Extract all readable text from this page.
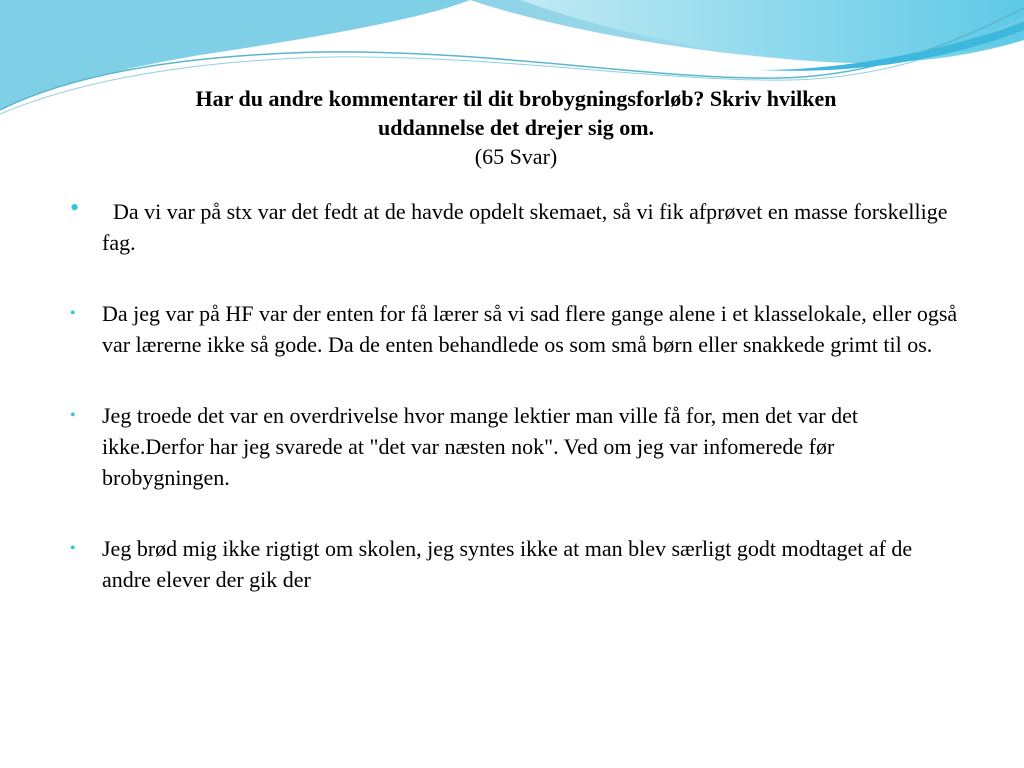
Har du andre kommentarer til dit brobygningsforløb? Skriv hvilken
uddannelse det drejer sig om.
(65 Svar)
• Da vi var på stx var det fedt at de havde opdelt skemaet, så vi fik afprøvet en masse forskellige fag.
• Da jeg var på HF var der enten for få lærer så vi sad flere gange alene i et klasselokale, eller også var lærerne ikke så gode. Da de enten behandlede os som små børn eller snakkede grimt til os.
• Jeg troede det var en overdrivelse hvor mange lektier man ville få for, men det var det ikke.Derfor har jeg svarede at "det var næsten nok". Ved om jeg var infomerede før brobygningen.
• Jeg brød mig ikke rigtigt om skolen, jeg syntes ikke at man blev særligt godt modtaget af de andre elever der gik der
